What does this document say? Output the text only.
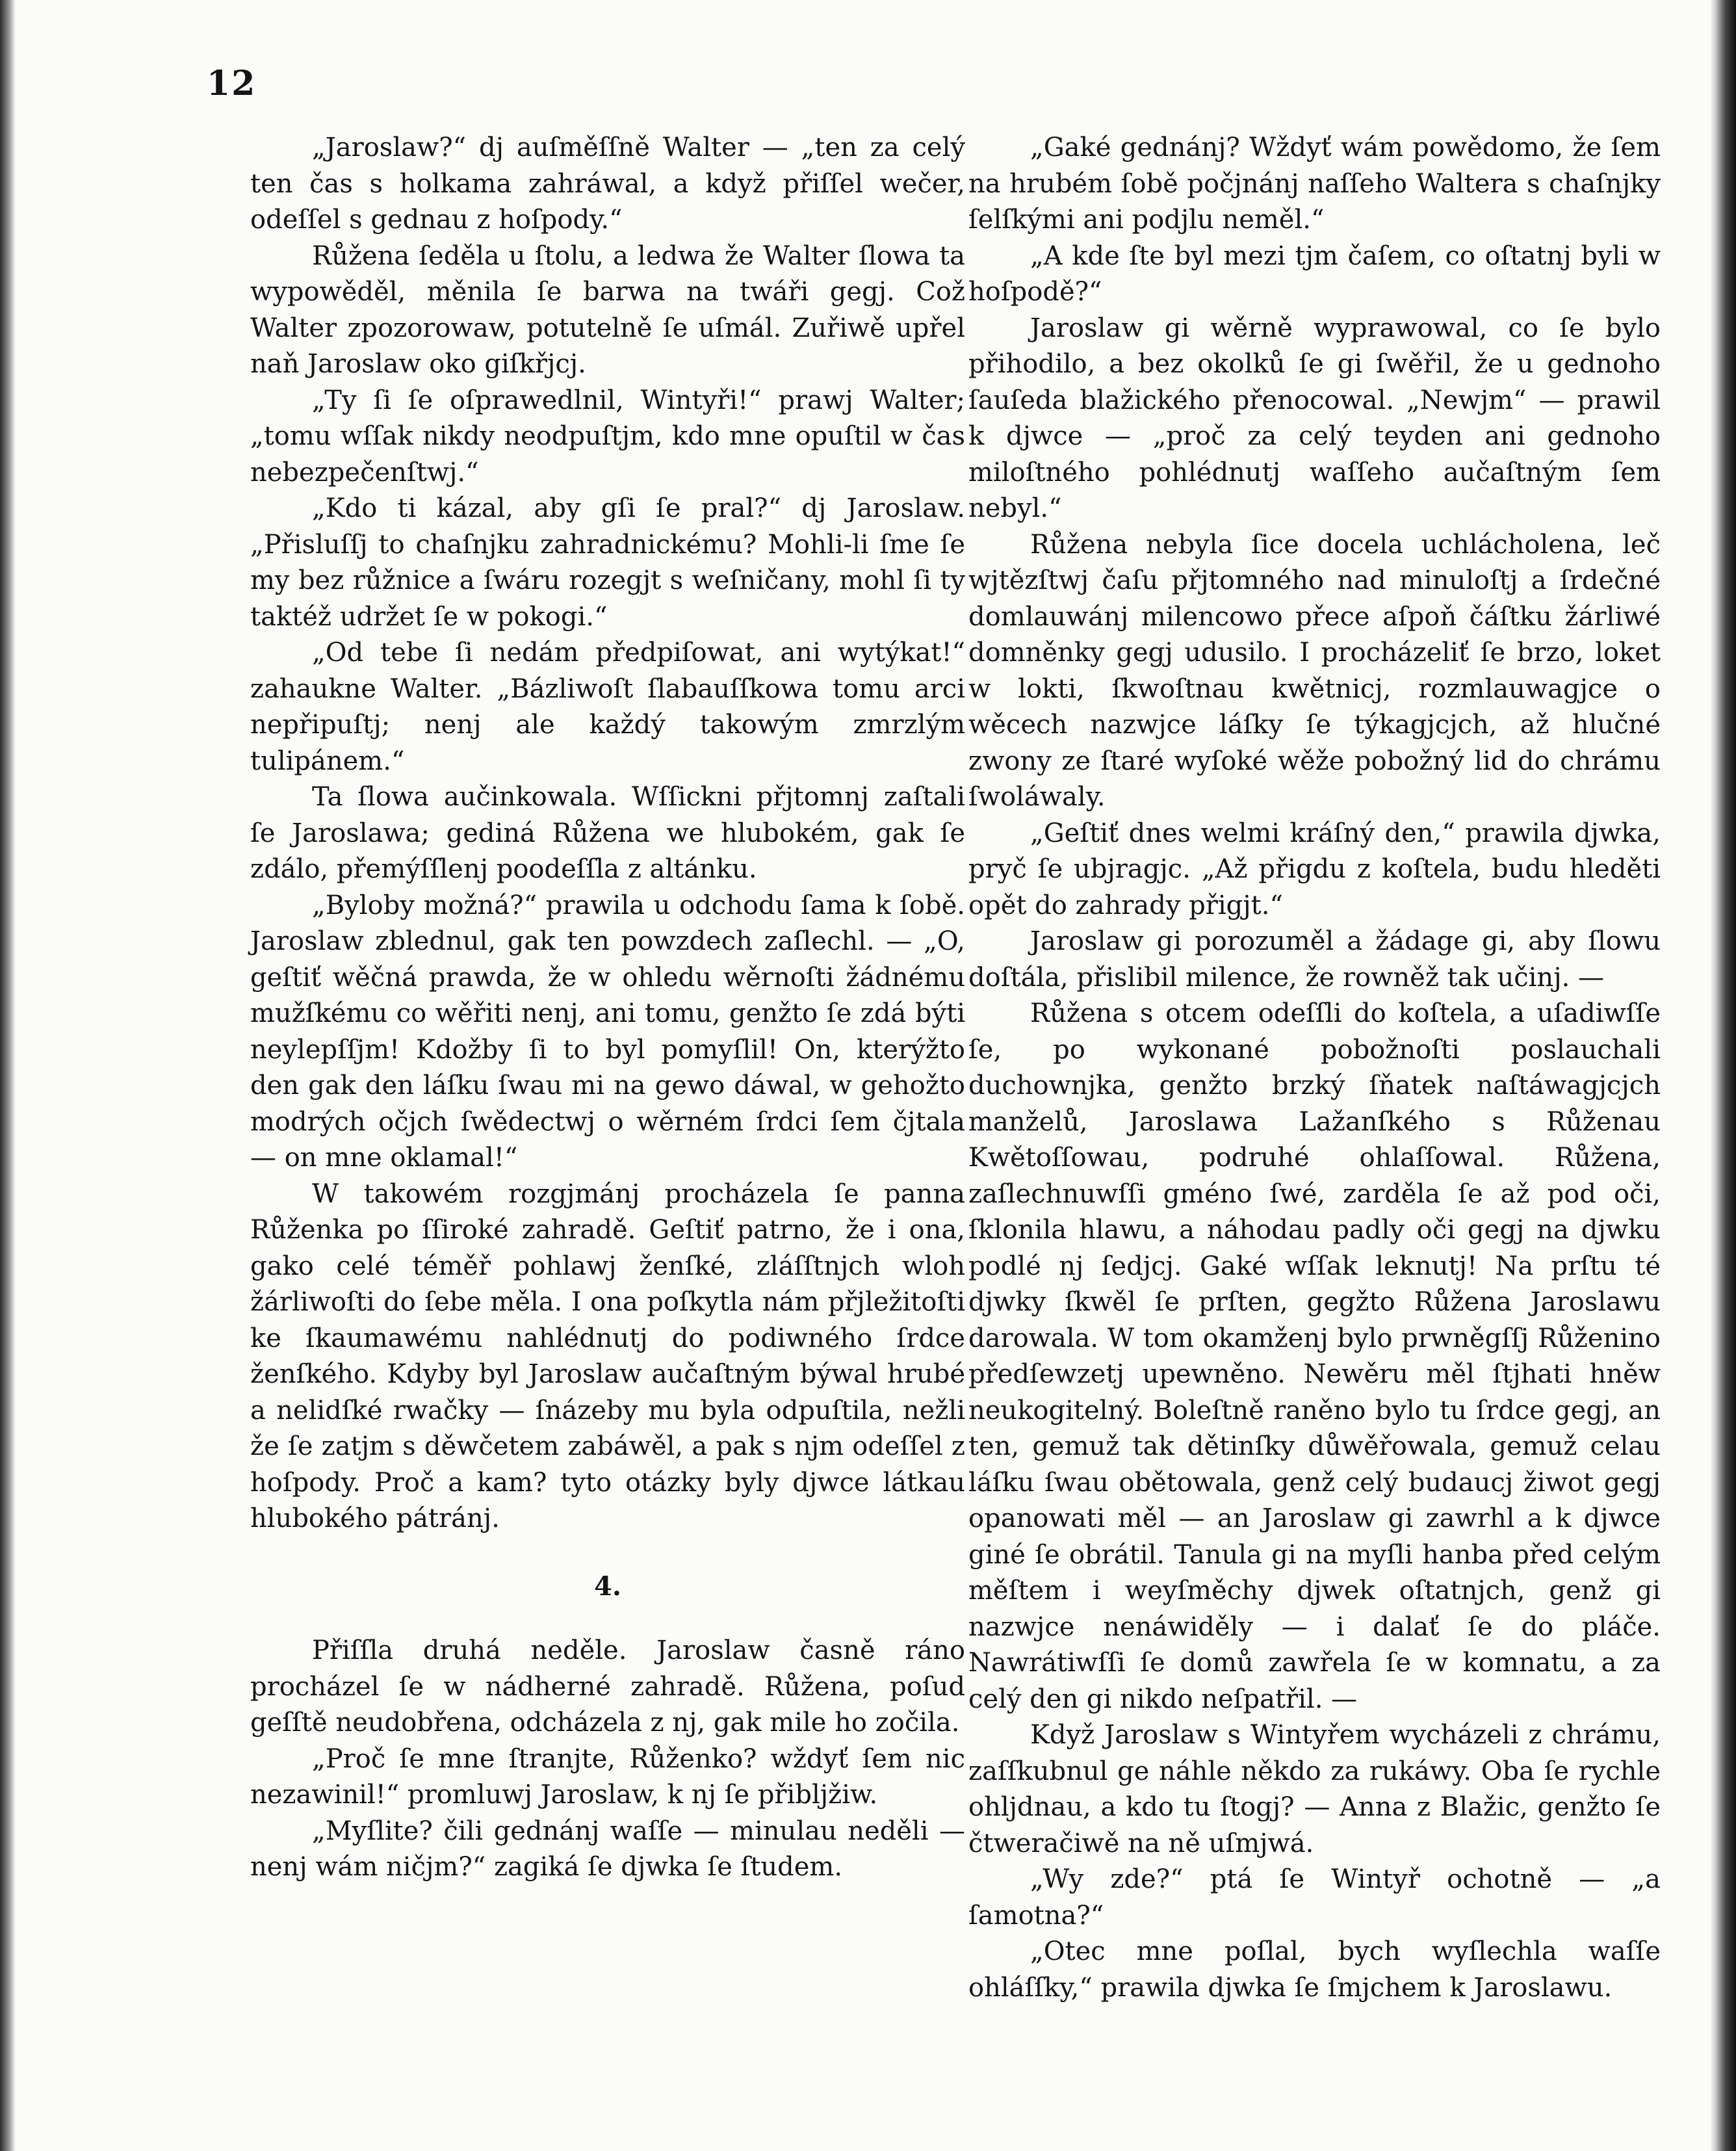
12

„Jaroslaw?“ dj auſměſſně Walter — „ten za celý ten čas s holkama zahráwal, a když přiſſel wečer, odeſſel s gednau z hoſpody.“

Růžena ſeděla u ſtolu, a ledwa že Walter ſlowa ta wypowěděl, měnila ſe barwa na twáři gegj. Což Walter zpozorowaw, potutelně ſe uſmál. Zuřiwě upřel naň Jaroslaw oko giſkřjcj.

„Ty ſi ſe oſprawedlnil, Wintyři!“ prawj Walter; „tomu wſſak nikdy neodpuſtjm, kdo mne opuſtil w čas nebezpečenſtwj.“

„Kdo ti kázal, aby gſi ſe pral?“ dj Jaroslaw. „Přisluſſj to chaſnjku zahradnickému? Mohli-li ſme ſe my bez růžnice a ſwáru rozegjt s weſničany, mohl ſi ty taktéž udržet ſe w pokogi.“

„Od tebe ſi nedám předpiſowat, ani wytýkat!“ zahaukne Walter. „Bázliwoſt ſlabauſſkowa tomu arci nepřipuſtj; nenj ale každý takowým zmrzlým tulipánem.“

Ta ſlowa aučinkowala. Wſſickni přjtomnj zaſtali ſe Jaroslawa; gediná Růžena we hlubokém, gak ſe zdálo, přemýſſlenj poodeſſla z altánku.

„Byloby možná?“ prawila u odchodu ſama k ſobě. Jaroslaw zblednul, gak ten powzdech zaſlechl. — „O, geſtiť wěčná prawda, že w ohledu wěrnoſti žádnému mužſkému co wěřiti nenj, ani tomu, genžto ſe zdá býti neylepſſjm! Kdožby ſi to byl pomyſlil! On, kterýžto den gak den láſku ſwau mi na gewo dáwal, w gehožto modrých očjch ſwědectwj o wěrném ſrdci ſem čjtala — on mne oklamal!“

W takowém rozgjmánj procházela ſe panna Růženka po ſſiroké zahradě. Geſtiť patrno, že i ona, gako celé téměř pohlawj ženſké, zláſſtnjch wloh žárliwoſti do ſebe měla. I ona poſkytla nám přjležitoſti ke ſkaumawému nahlédnutj do podiwného ſrdce ženſkého. Kdyby byl Jaroslaw aučaſtným býwal hrubé a nelidſké rwačky — ſnázeby mu byla odpuſtila, nežli že ſe zatjm s děwčetem zabáwěl, a pak s njm odeſſel z hoſpody. Proč a kam? tyto otázky byly djwce látkau hlubokého pátránj.

4.

Přiſſla druhá neděle. Jaroslaw časně ráno procházel ſe w nádherné zahradě. Růžena, poſud geſſtě neudobřena, odcházela z nj, gak mile ho zočila.

„Proč ſe mne ſtranjte, Růženko? wždyť ſem nic nezawinil!“ promluwj Jaroslaw, k nj ſe přibljžiw.

„Myſlite? čili gednánj waſſe — minulau neděli — nenj wám ničjm?“ zagiká ſe djwka ſe ſtudem.

„Gaké gednánj? Wždyť wám powědomo, že ſem na hrubém ſobě počjnánj naſſeho Waltera s chaſnjky ſelſkými ani podjlu neměl.“

„A kde ſte byl mezi tjm čaſem, co oſtatnj byli w hoſpodě?“

Jaroslaw gi wěrně wyprawowal, co ſe bylo přihodilo, a bez okolků ſe gi ſwěřil, že u gednoho ſauſeda blažického přenocowal. „Newjm“ — prawil k djwce — „proč za celý teyden ani gednoho miloſtného pohlédnutj waſſeho aučaſtným ſem nebyl.“

Růžena nebyla ſice docela uchlácholena, leč wjtězſtwj čaſu přjtomného nad minuloſtj a ſrdečné domlauwánj milencowo přece aſpoň čáſtku žárliwé domněnky gegj udusilo. I procházeliť ſe brzo, loket w lokti, ſkwoſtnau kwětnicj, rozmlauwagjce o wěcech nazwjce láſky ſe týkagjcjch, až hlučné zwony ze ſtaré wyſoké wěže pobožný lid do chrámu ſwoláwaly.

„Geſtiť dnes welmi kráſný den,“ prawila djwka, pryč ſe ubjragjc. „Až přigdu z koſtela, budu hleděti opět do zahrady přigjt.“

Jaroslaw gi porozuměl a žádage gi, aby ſlowu doſtála, přislibil milence, že rowněž tak učinj. —

Růžena s otcem odeſſli do koſtela, a uſadiwſſe ſe, po wykonané pobožnoſti poslauchali duchownjka, genžto brzký ſňatek naſtáwagjcjch manželů, Jaroslawa Lažanſkého s Růženau Kwětoſſowau, podruhé ohlaſſowal. Růžena, zaſlechnuwſſi gméno ſwé, zarděla ſe až pod oči, ſklonila hlawu, a náhodau padly oči gegj na djwku podlé nj ſedjcj. Gaké wſſak leknutj! Na prſtu té djwky ſkwěl ſe prſten, gegžto Růžena Jaroslawu darowala. W tom okamženj bylo prwněgſſj Růženino předſewzetj upewněno. Newěru měl ſtjhati hněw neukogitelný. Boleſtně raněno bylo tu ſrdce gegj, an ten, gemuž tak dětinſky důwěřowala, gemuž celau láſku ſwau obětowala, genž celý budaucj žiwot gegj opanowati měl — an Jaroslaw gi zawrhl a k djwce giné ſe obrátil. Tanula gi na myſli hanba před celým měſtem i weyſměchy djwek oſtatnjch, genž gi nazwjce nenáwiděly — i dalať ſe do pláče. Nawrátiwſſi ſe domů zawřela ſe w komnatu, a za celý den gi nikdo neſpatřil. —

Když Jaroslaw s Wintyřem wycházeli z chrámu, zaſſkubnul ge náhle někdo za rukáwy. Oba ſe rychle ohljdnau, a kdo tu ſtogj? — Anna z Blažic, genžto ſe čtweračiwě na ně uſmjwá.

„Wy zde?“ ptá ſe Wintyř ochotně — „a ſamotna?“

„Otec mne poſlal, bych wyſlechla waſſe ohláſſky,“ prawila djwka ſe ſmjchem k Jaroslawu.
